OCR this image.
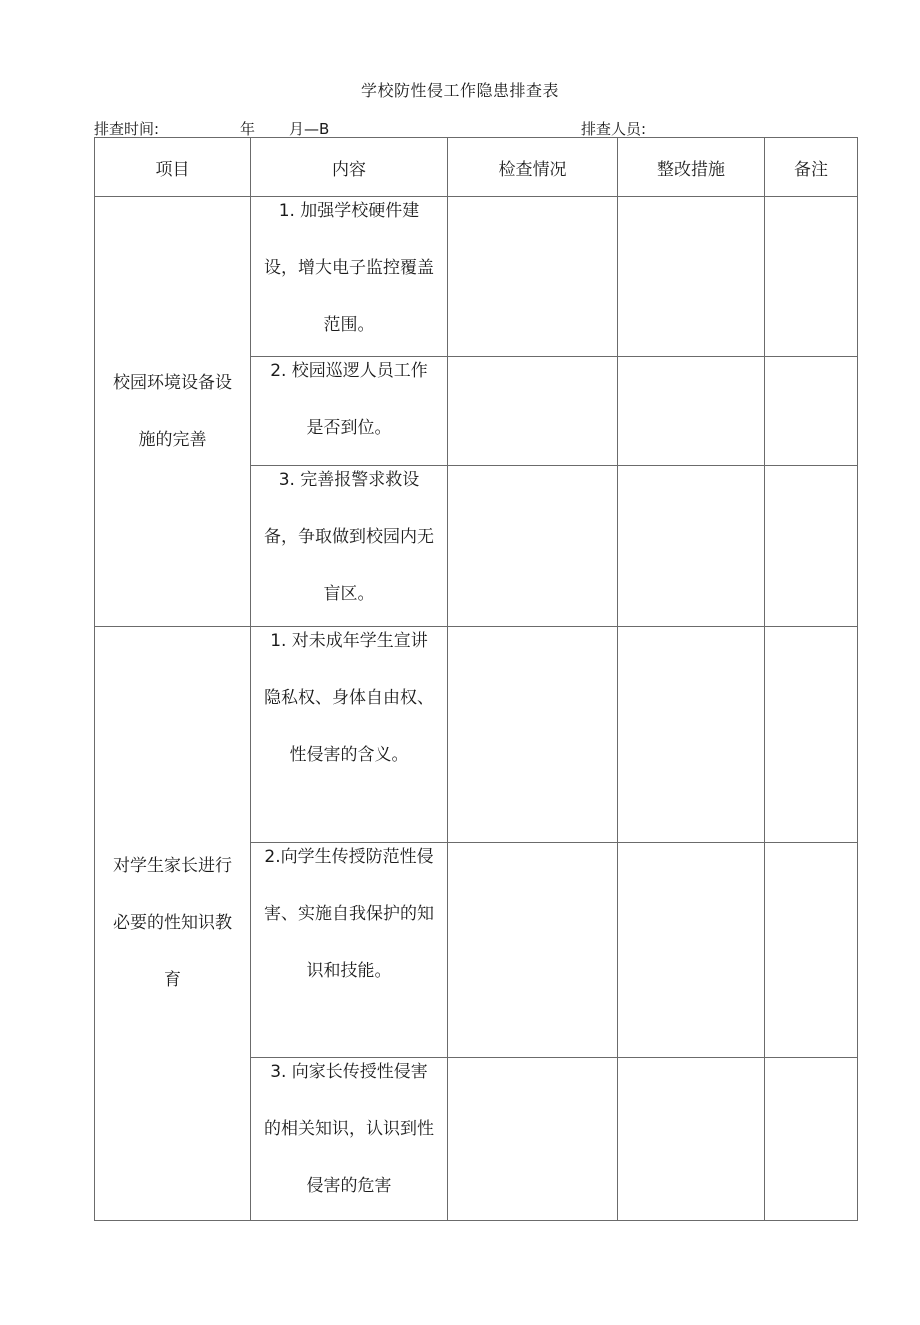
学校防性侵工作隐患排查表
排查时间:	年 月—B	排查人员:
项目	内容	检查情况	整改措施	备注
校园环境设备设施的完善	1. 加强学校硬件建设，增大电子监控覆盖范围。			

	2. 校园巡逻人员工作是否到位。			

	3. 完善报警求救设备，争取做到校园内无盲区。			

对学生家长进行必要的性知识教育	1. 对未成年学生宣讲隐私权、身体自由权、性侵害的含义。			

	2.向学生传授防范性侵害、实施自我保护的知识和技能。			

	3. 向家长传授性侵害的相关知识，认识到性侵害的危害			
